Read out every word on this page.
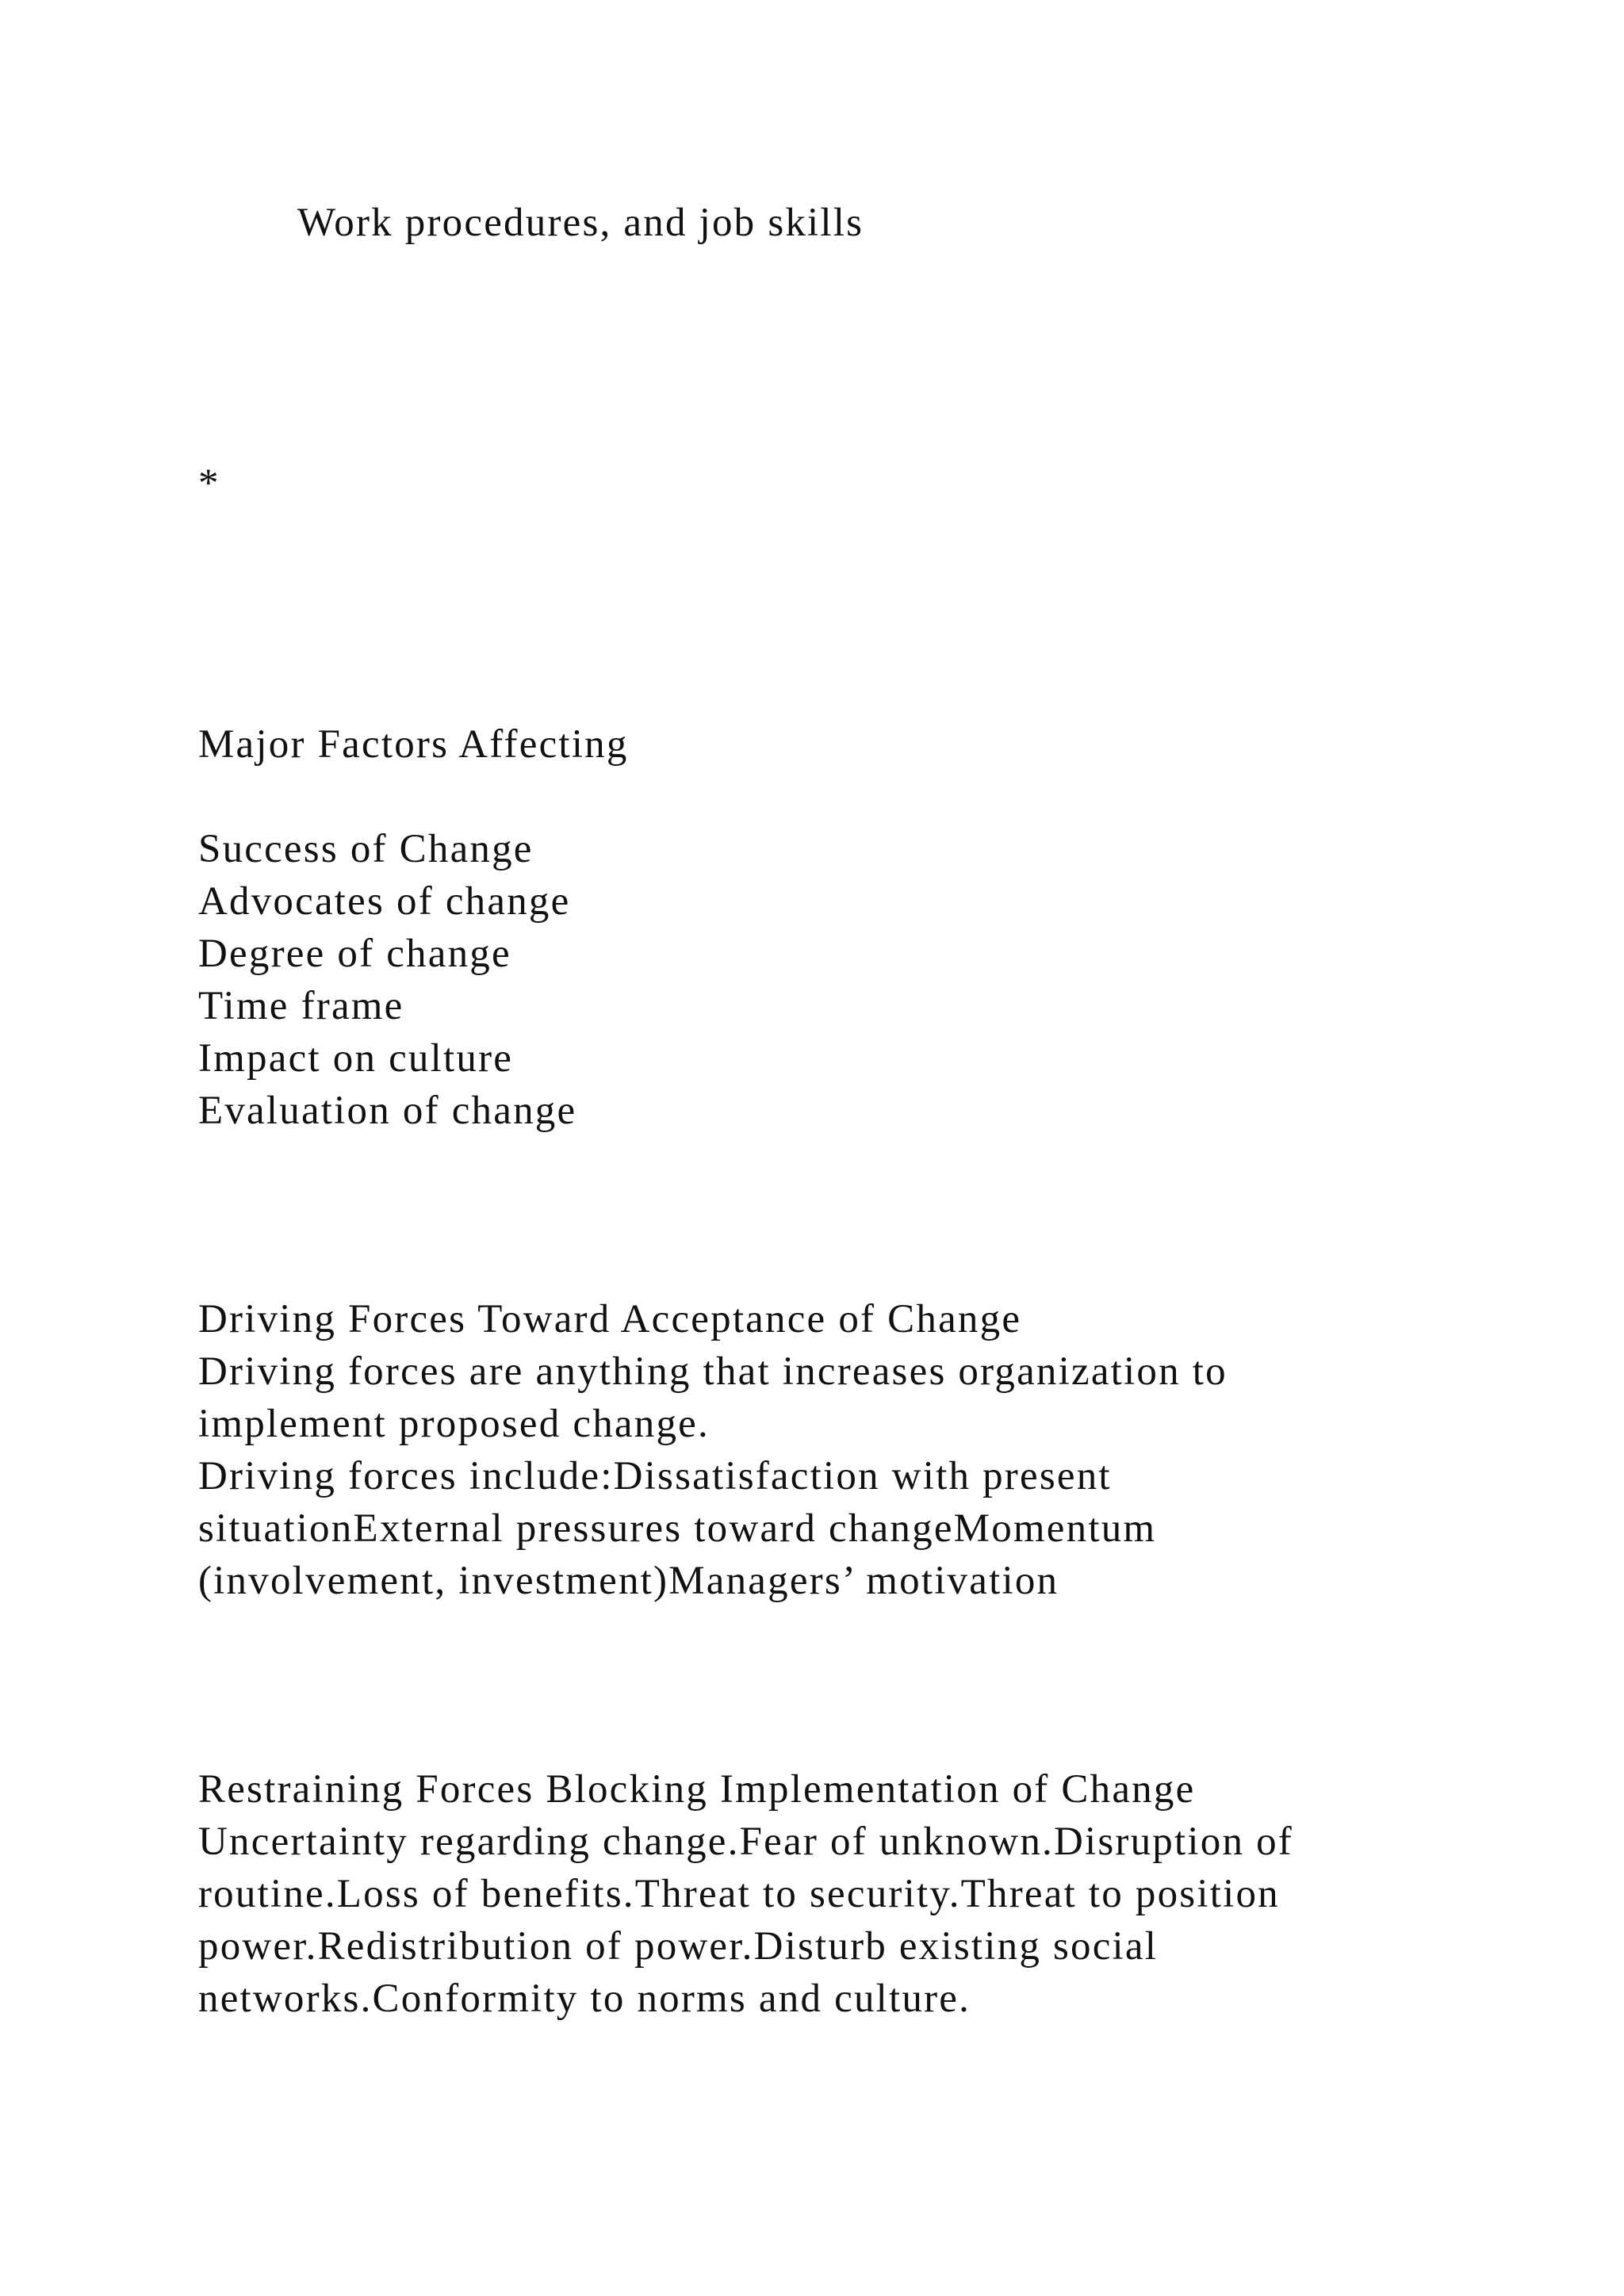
Work procedures, and job skills

*

Major Factors Affecting

Success of Change

Advocates of change

Degree of change

Time frame

Impact on culture

Evaluation of change

Driving Forces Toward Acceptance of Change

Driving forces are anything that increases organization to

implement proposed change.

Driving forces include:Dissatisfaction with present

situationExternal pressures toward changeMomentum

(involvement, investment)Managers’ motivation

Restraining Forces Blocking Implementation of Change

Uncertainty regarding change.Fear of unknown.Disruption of

routine.Loss of benefits.Threat to security.Threat to position

power.Redistribution of power.Disturb existing social

networks.Conformity to norms and culture.
